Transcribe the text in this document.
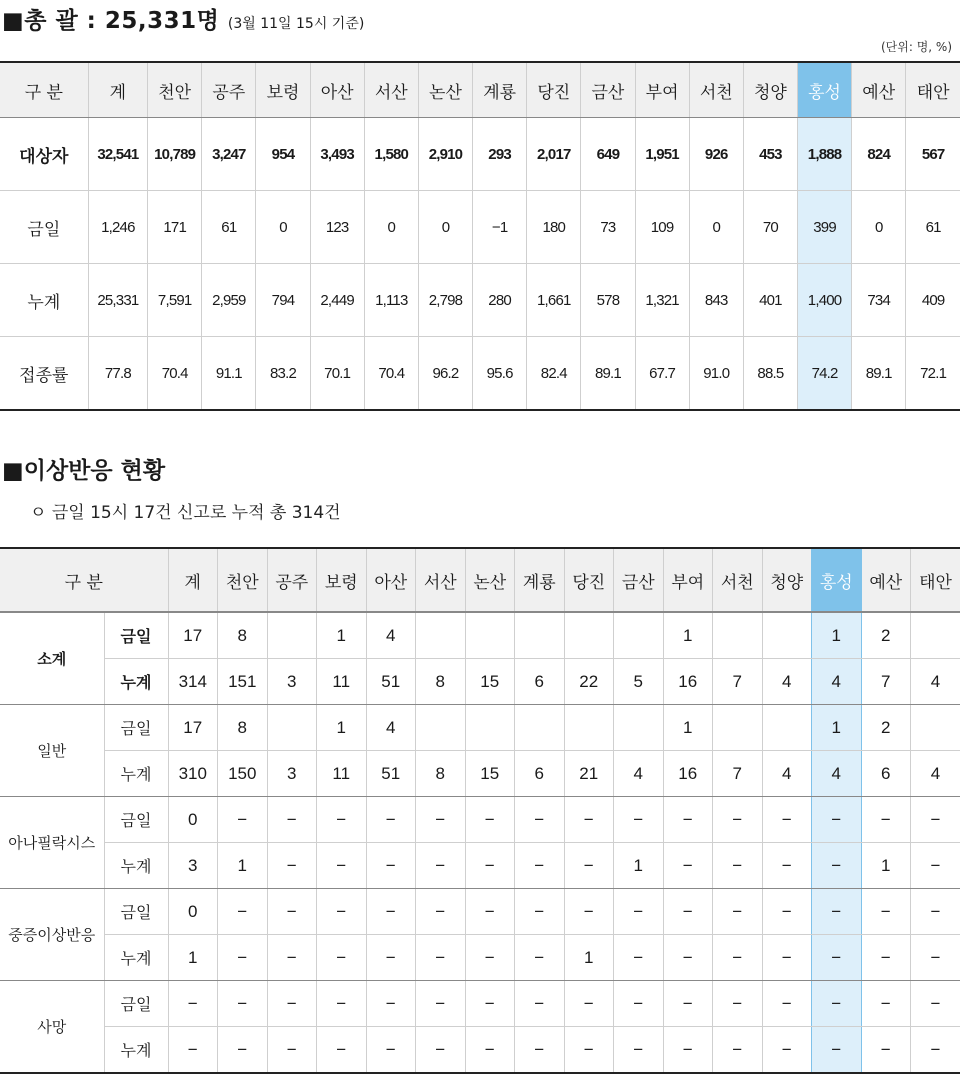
■총 괄 : 25,331명 (3월 11일 15시 기준)
(단위: 명, %)
구 분	계	천안	공주	보령	아산	서산	논산	계룡	당진	금산	부여	서천	청양	홍성	예산	태안
대상자	32,541	10,789	3,247	954	3,493	1,580	2,910	293	2,017	649	1,951	926	453	1,888	824	567
금일	1,246	171	61	0	123	0	0	−1	180	73	109	0	70	399	0	61
누계	25,331	7,591	2,959	794	2,449	1,113	2,798	280	1,661	578	1,321	843	401	1,400	734	409
접종률	77.8	70.4	91.1	83.2	70.1	70.4	96.2	95.6	82.4	89.1	67.7	91.0	88.5	74.2	89.1	72.1
■이상반응 현황
ㅇ 금일 15시 17건 신고로 누적 총 314건
구 분		계	천안	공주	보령	아산	서산	논산	계룡	당진	금산	부여	서천	청양	홍성	예산	태안
소계	금일	17	8		1	4						1			1	2	
	누계	314	151	3	11	51	8	15	6	22	5	16	7	4	4	7	4
일반	금일	17	8		1	4						1			1	2	
	누계	310	150	3	11	51	8	15	6	21	4	16	7	4	4	6	4
아나필락시스	금일	0	−	−	−	−	−	−	−	−	−	−	−	−	−	−	−
	누계	3	1	−	−	−	−	−	−	−	1	−	−	−	−	1	−
중증이상반응	금일	0	−	−	−	−	−	−	−	−	−	−	−	−	−	−	−
	누계	1	−	−	−	−	−	−	−	1	−	−	−	−	−	−	−
사망	금일	−	−	−	−	−	−	−	−	−	−	−	−	−	−	−	−
	누계	−	−	−	−	−	−	−	−	−	−	−	−	−	−	−	−
